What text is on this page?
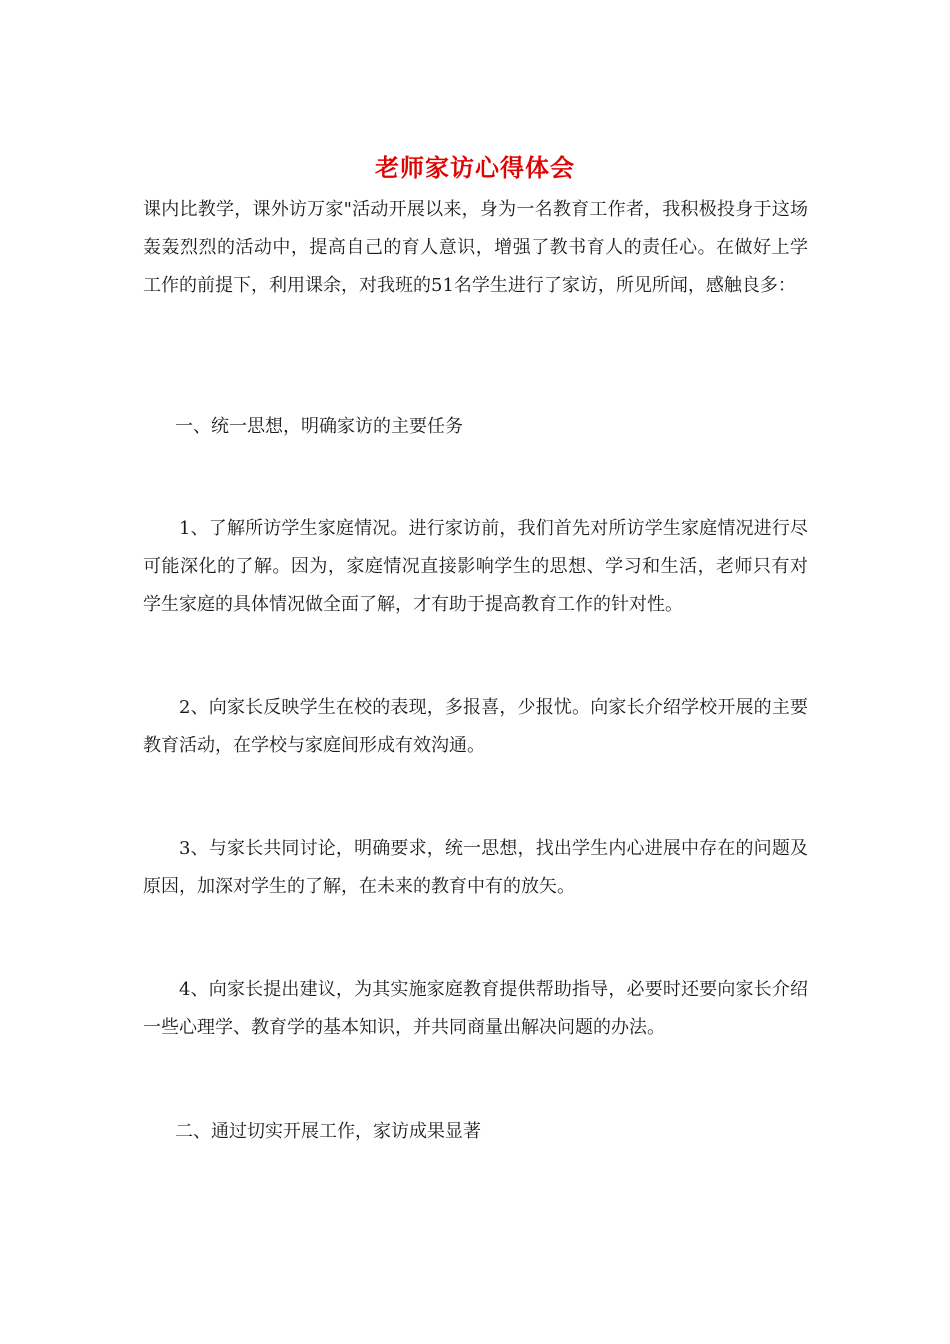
老师家访心得体会
课内比教学，课外访万家"活动开展以来，身为一名教育工作者，我积极投身于这场轰轰烈烈的活动中，提高自己的育人意识，增强了教书育人的责任心。在做好上学工作的前提下，利用课余，对我班的51名学生进行了家访，所见所闻，感触良多：
一、统一思想，明确家访的主要任务
1、了解所访学生家庭情况。进行家访前，我们首先对所访学生家庭情况进行尽可能深化的了解。因为，家庭情况直接影响学生的思想、学习和生活，老师只有对学生家庭的具体情况做全面了解，才有助于提高教育工作的针对性。
2、向家长反映学生在校的表现，多报喜，少报忧。向家长介绍学校开展的主要教育活动，在学校与家庭间形成有效沟通。
3、与家长共同讨论，明确要求，统一思想，找出学生内心进展中存在的问题及原因，加深对学生的了解，在未来的教育中有的放矢。
4、向家长提出建议，为其实施家庭教育提供帮助指导，必要时还要向家长介绍一些心理学、教育学的基本知识，并共同商量出解决问题的办法。
二、通过切实开展工作，家访成果显著
